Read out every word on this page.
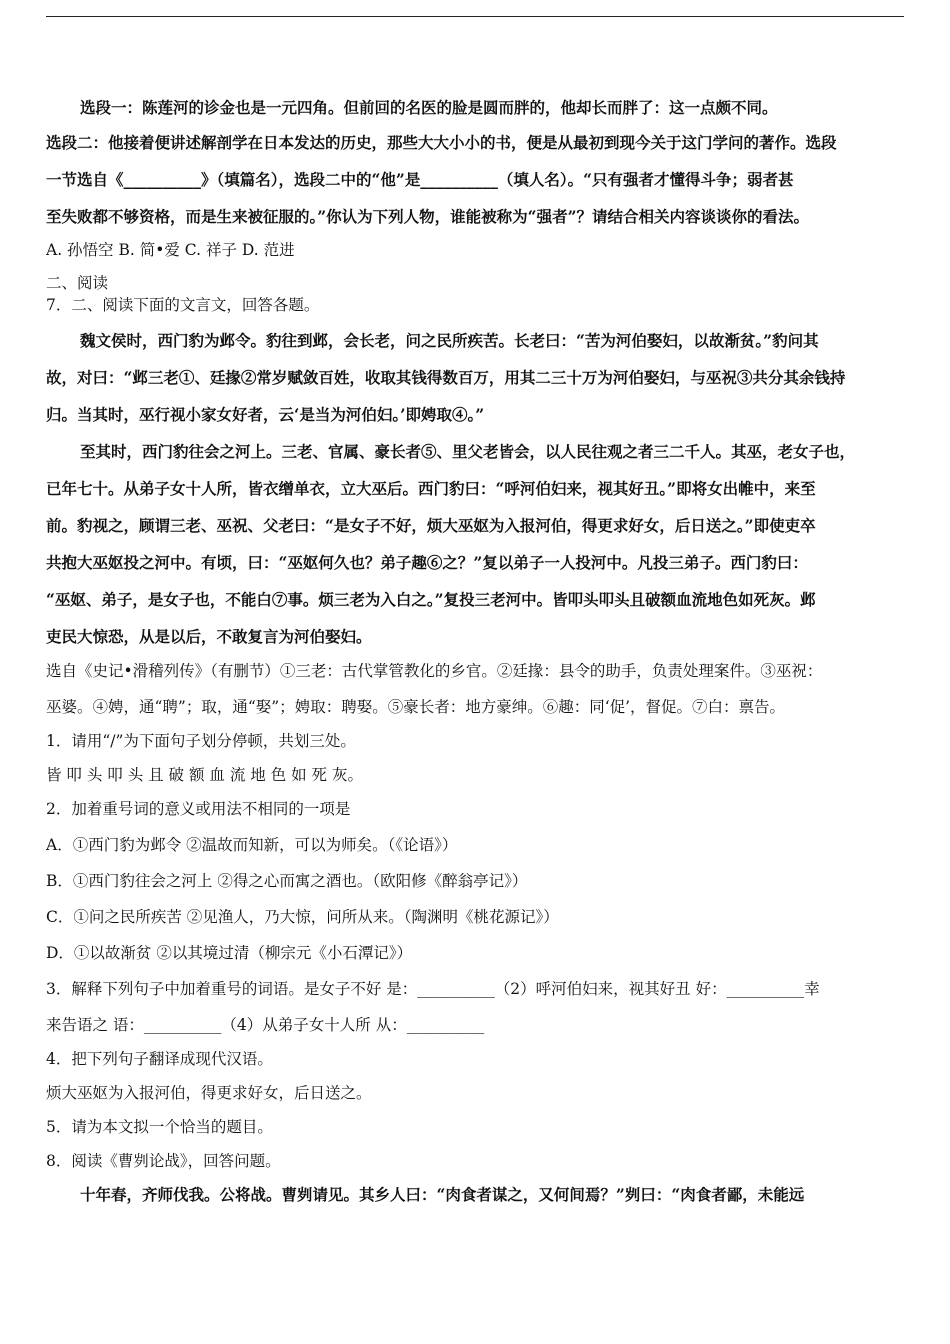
选段一：陈莲河的诊金也是一元四角。但前回的名医的脸是圆而胖的，他却长而胖了：这一点颇不同。
选段二：他接着便讲述解剖学在日本发达的历史，那些大大小小的书，便是从最初到现今关于这门学问的著作。选段
一节选自《__________》（填篇名），选段二中的“他”是__________（填人名）。“只有强者才懂得斗争；弱者甚
至失败都不够资格，而是生来被征服的。”你认为下列人物，谁能被称为“强者”？请结合相关内容谈谈你的看法。
A. 孙悟空 B. 简•爱 C. 祥子 D. 范进
二、阅读
7．二、阅读下面的文言文，回答各题。
魏文侯时，西门豹为邺令。豹往到邺，会长老，问之民所疾苦。长老曰：“苦为河伯娶妇，以故渐贫。”豹问其
故，对曰：“邺三老①、廷掾②常岁赋敛百姓，收取其钱得数百万，用其二三十万为河伯娶妇，与巫祝③共分其余钱持
归。当其时，巫行视小家女好者，云‘是当为河伯妇。’即娉取④。”
至其时，西门豹往会之河上。三老、官属、豪长者⑤、里父老皆会，以人民往观之者三二千人。其巫，老女子也，
已年七十。从弟子女十人所，皆衣缯单衣，立大巫后。西门豹曰：“呼河伯妇来，视其好丑。”即将女出帷中，来至
前。豹视之，顾谓三老、巫祝、父老曰：“是女子不好，烦大巫妪为入报河伯，得更求好女，后日送之。”即使吏卒
共抱大巫妪投之河中。有顷，曰：“巫妪何久也？弟子趣⑥之？”复以弟子一人投河中。凡投三弟子。西门豹曰：
“巫妪、弟子，是女子也，不能白⑦事。烦三老为入白之。”复投三老河中。皆叩头叩头且破额血流地色如死灰。邺
吏民大惊恐，从是以后，不敢复言为河伯娶妇。
选自《史记•滑稽列传》（有删节）①三老：古代掌管教化的乡官。②廷掾：县令的助手，负责处理案件。③巫祝：
巫婆。④娉，通“聘”；取，通“娶”；娉取：聘娶。⑤豪长者：地方豪绅。⑥趣：同‘促’，督促。⑦白：禀告。
1．请用“/”为下面句子划分停顿，共划三处。
皆 叩 头 叩 头 且 破 额 血 流 地 色 如 死 灰。
2．加着重号词的意义或用法不相同的一项是
A．①西门豹为邺令 ②温故而知新，可以为师矣。（《论语》）
B．①西门豹往会之河上 ②得之心而寓之酒也。（欧阳修《醉翁亭记》）
C．①问之民所疾苦 ②见渔人，乃大惊，问所从来。（陶渊明《桃花源记》）
D．①以故渐贫 ②以其境过清（柳宗元《小石潭记》）
3．解释下列句子中加着重号的词语。是女子不好 是：__________（2）呼河伯妇来，视其好丑 好：__________幸
来告语之 语：__________（4）从弟子女十人所 从：__________
4．把下列句子翻译成现代汉语。
烦大巫妪为入报河伯，得更求好女，后日送之。
5．请为本文拟一个恰当的题目。
8．阅读《曹刿论战》，回答问题。
十年春，齐师伐我。公将战。曹刿请见。其乡人曰：“肉食者谋之，又何间焉？”刿曰：“肉食者鄙，未能远
